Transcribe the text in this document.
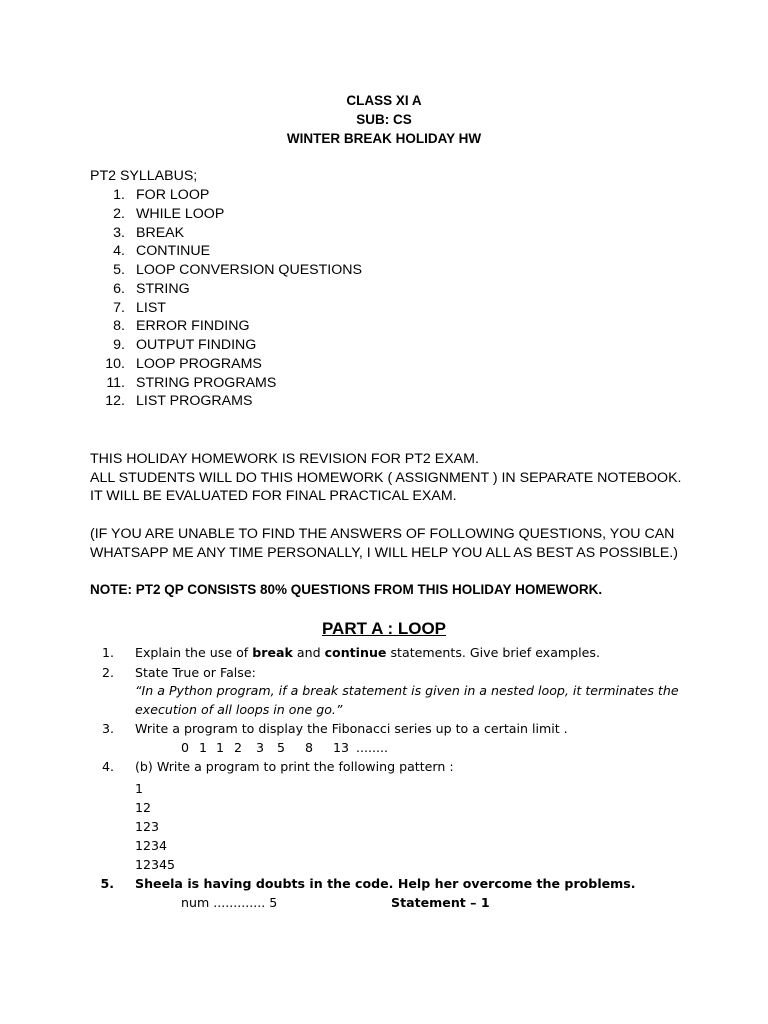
CLASS XI A
SUB: CS
WINTER BREAK HOLIDAY HW
PT2 SYLLABUS;
1. FOR LOOP
2. WHILE LOOP
3. BREAK
4. CONTINUE
5. LOOP CONVERSION QUESTIONS
6. STRING
7. LIST
8. ERROR FINDING
9. OUTPUT FINDING
10. LOOP PROGRAMS
11. STRING PROGRAMS
12. LIST PROGRAMS
THIS HOLIDAY HOMEWORK IS REVISION FOR PT2 EXAM.
ALL STUDENTS WILL DO THIS HOMEWORK ( ASSIGNMENT ) IN SEPARATE NOTEBOOK.
IT WILL BE EVALUATED FOR FINAL PRACTICAL EXAM.
(IF YOU ARE UNABLE TO FIND THE ANSWERS OF FOLLOWING QUESTIONS, YOU CAN
WHATSAPP ME ANY TIME PERSONALLY, I WILL HELP YOU ALL AS BEST AS POSSIBLE.)
NOTE: PT2 QP CONSISTS 80% QUESTIONS FROM THIS HOLIDAY HOMEWORK.
PART A : LOOP
1. Explain the use of break and continue statements. Give brief examples.
2. State True or False:
“In a Python program, if a break statement is given in a nested loop, it terminates the
execution of all loops in one go.”
3. Write a program to display the Fibonacci series up to a certain limit .
0 1 1 2 3 5 8 13 ........
4. (b) Write a program to print the following pattern :
1
12
123
1234
12345
5. Sheela is having doubts in the code. Help her overcome the problems.
num ............. 5	Statement – 1
